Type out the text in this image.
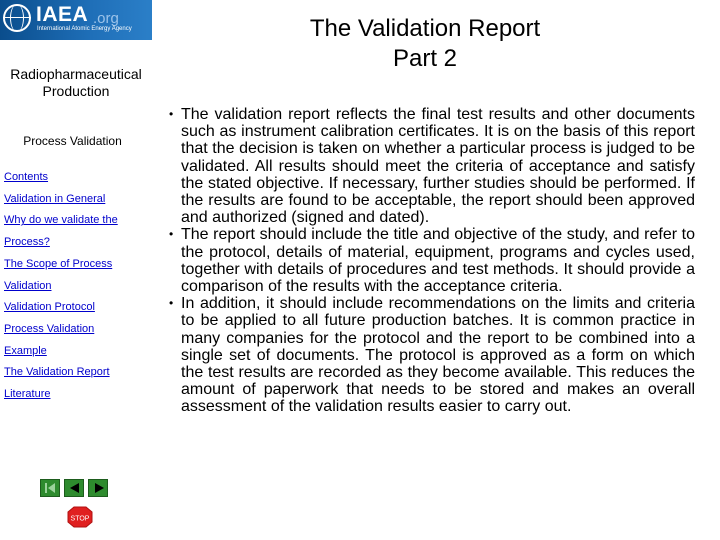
IAEA .org
International Atomic Energy Agency
Radiopharmaceutical Production
Process Validation
Contents
Validation in General
Why do we validate the
Process?
The Scope of Process
Validation
Validation Protocol
Process Validation
Example
The Validation Report
Literature
STOP
The Validation Report
Part 2
• The validation report reflects the final test results and other documents such as instrument calibration certificates. It is on the basis of this report that the decision is taken on whether a particular process is judged to be validated. All results should meet the criteria of acceptance and satisfy the stated objective. If necessary, further studies should be performed. If the results are found to be acceptable, the report should been approved and authorized (signed and dated).
• The report should include the title and objective of the study, and refer to the protocol, details of material, equipment, programs and cycles used, together with details of procedures and test methods. It should provide a comparison of the results with the acceptance criteria.
• In addition, it should include recommendations on the limits and criteria to be applied to all future production batches. It is common practice in many companies for the protocol and the report to be combined into a single set of documents. The protocol is approved as a form on which the test results are recorded as they become available. This reduces the amount of paperwork that needs to be stored and makes an overall assessment of the validation results easier to carry out.
